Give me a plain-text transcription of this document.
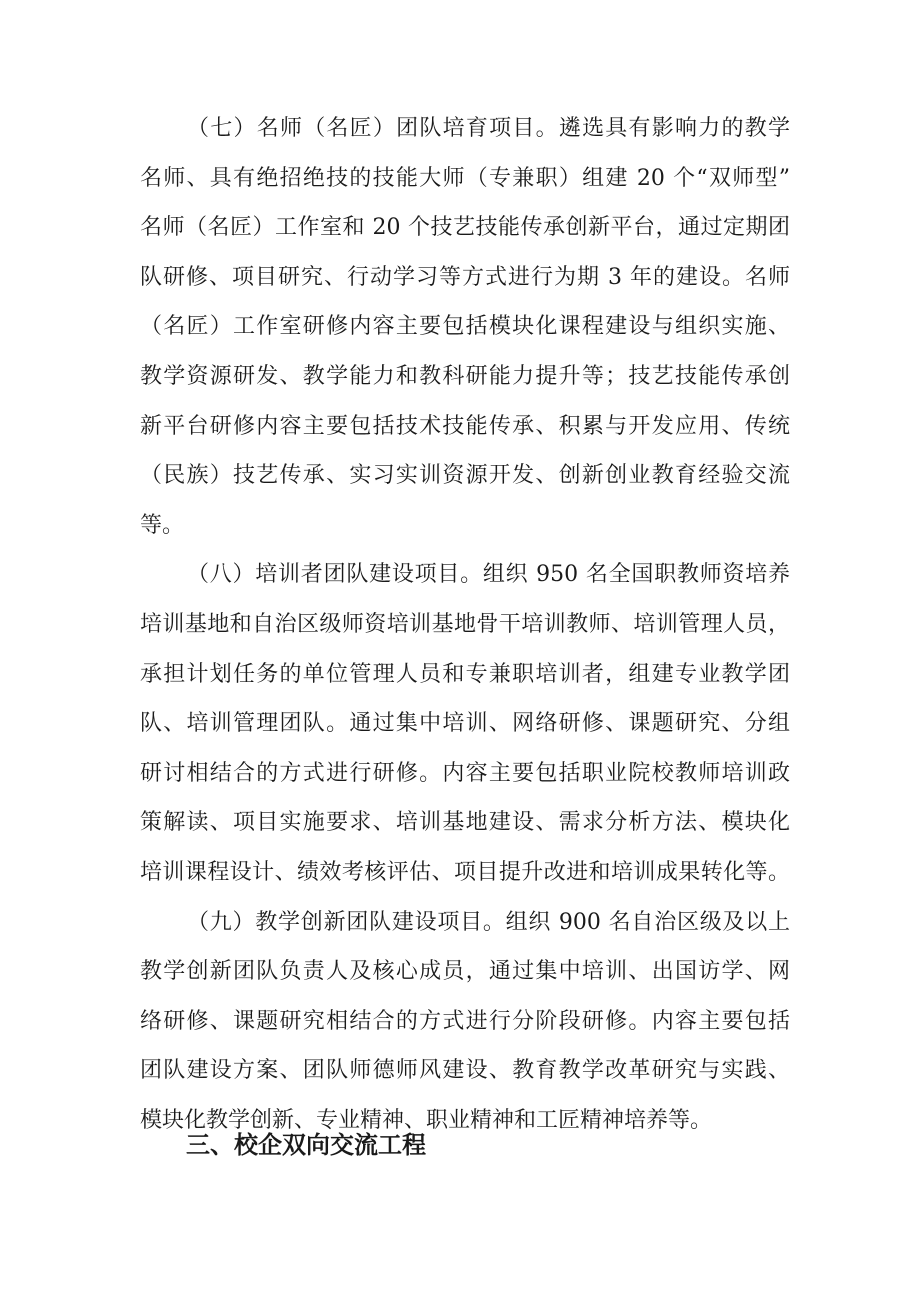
（七）名师（名匠）团队培育项目。遴选具有影响力的教学
名师、具有绝招绝技的技能大师（专兼职）组建 20 个“双师型”
名师（名匠）工作室和 20 个技艺技能传承创新平台，通过定期团
队研修、项目研究、行动学习等方式进行为期 3 年的建设。名师
（名匠）工作室研修内容主要包括模块化课程建设与组织实施、
教学资源研发、教学能力和教科研能力提升等；技艺技能传承创
新平台研修内容主要包括技术技能传承、积累与开发应用、传统
（民族）技艺传承、实习实训资源开发、创新创业教育经验交流
等。
（八）培训者团队建设项目。组织 950 名全国职教师资培养
培训基地和自治区级师资培训基地骨干培训教师、培训管理人员，
承担计划任务的单位管理人员和专兼职培训者，组建专业教学团
队、培训管理团队。通过集中培训、网络研修、课题研究、分组
研讨相结合的方式进行研修。内容主要包括职业院校教师培训政
策解读、项目实施要求、培训基地建设、需求分析方法、模块化
培训课程设计、绩效考核评估、项目提升改进和培训成果转化等。
（九）教学创新团队建设项目。组织 900 名自治区级及以上
教学创新团队负责人及核心成员，通过集中培训、出国访学、网
络研修、课题研究相结合的方式进行分阶段研修。内容主要包括
团队建设方案、团队师德师风建设、教育教学改革研究与实践、
模块化教学创新、专业精神、职业精神和工匠精神培养等。
三、校企双向交流工程
